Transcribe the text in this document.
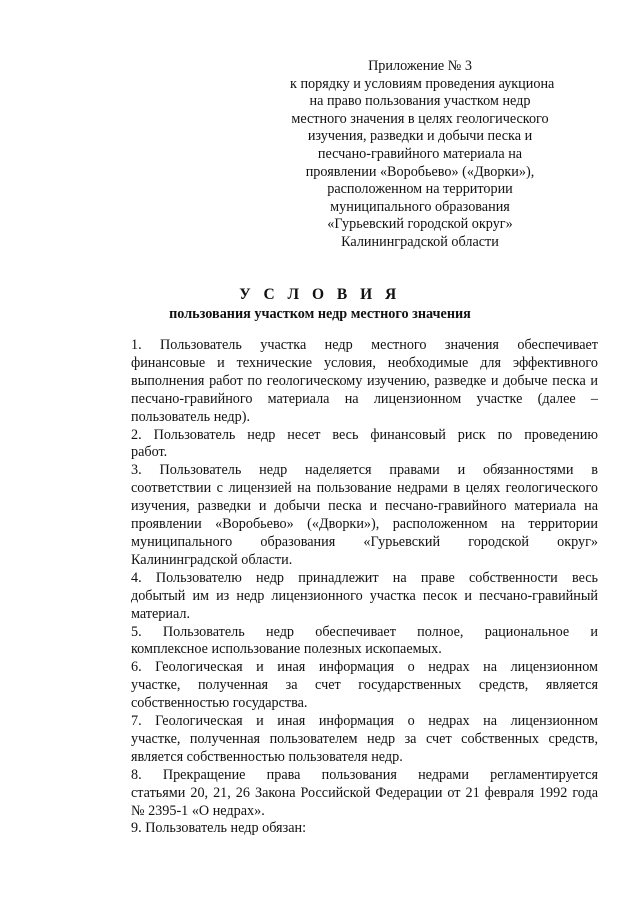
Приложение № 3
к порядку и условиям проведения аукциона
на право пользования участком недр
местного значения в целях геологического
изучения, разведки и добычи песка и
песчано-гравийного материала на
проявлении «Воробьево» («Дворки»),
расположенном на территории
муниципального образования
«Гурьевский городской округ»
Калининградской области
У С Л О В И Я
пользования участком недр местного значения

1. Пользователь участка недр местного значения обеспечивает
финансовые и технические условия, необходимые для эффективного
выполнения работ по геологическому изучению, разведке и добыче песка и
песчано-гравийного материала на лицензионном участке (далее –
пользователь недр).

2. Пользователь недр несет весь финансовый риск по проведению
работ.

3. Пользователь недр наделяется правами и обязанностями в
соответствии с лицензией на пользование недрами в целях геологического
изучения, разведки и добычи песка и песчано-гравийного материала на
проявлении «Воробьево» («Дворки»), расположенном на территории
муниципального образования «Гурьевский городской округ»
Калининградской области.

4. Пользователю недр принадлежит на праве собственности весь
добытый им из недр лицензионного участка песок и песчано-гравийный
материал.

5. Пользователь недр обеспечивает полное, рациональное и
комплексное использование полезных ископаемых.

6. Геологическая и иная информация о недрах на лицензионном
участке, полученная за счет государственных средств, является
собственностью государства.

7. Геологическая и иная информация о недрах на лицензионном
участке, полученная пользователем недр за счет собственных средств,
является собственностью пользователя недр.

8. Прекращение права пользования недрами регламентируется
статьями 20, 21, 26 Закона Российской Федерации от 21 февраля 1992 года
№ 2395-1 «О недрах».

9. Пользователь недр обязан:
